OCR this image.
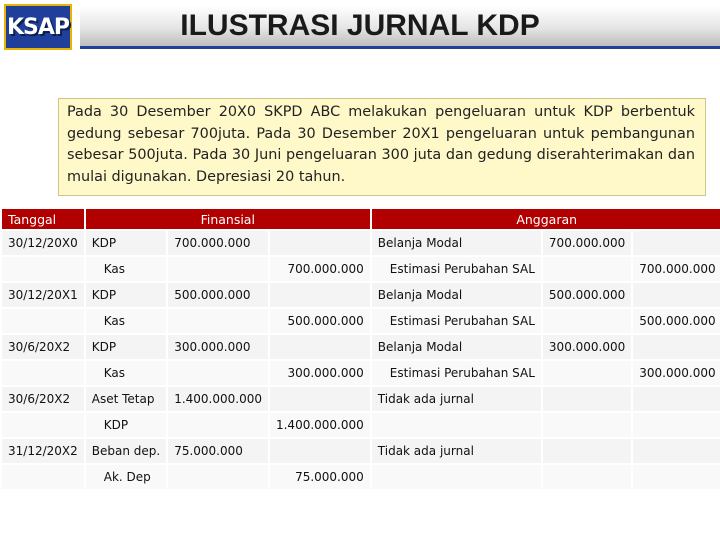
KSAP	ILUSTRASI JURNAL KDP
Pada 30 Desember 20X0 SKPD ABC melakukan pengeluaran untuk KDP berbentuk gedung sebesar 700juta. Pada 30 Desember 20X1 pengeluaran untuk pembangunan sebesar 500juta. Pada 30 Juni pengeluaran 300 juta dan gedung diserahterimakan dan mulai digunakan. Depresiasi 20 tahun.
Tanggal	Finansial			Anggaran		
30/12/20X0	KDP	700.000.000		Belanja Modal	700.000.000	
	Kas		700.000.000	Estimasi Perubahan SAL		700.000.000
30/12/20X1	KDP	500.000.000		Belanja Modal	500.000.000	
	Kas		500.000.000	Estimasi Perubahan SAL		500.000.000
30/6/20X2	KDP	300.000.000		Belanja Modal	300.000.000	
	Kas		300.000.000	Estimasi Perubahan SAL		300.000.000
30/6/20X2	Aset Tetap	1.400.000.000		Tidak ada jurnal		
	KDP		1.400.000.000			
31/12/20X2	Beban dep.	75.000.000		Tidak ada jurnal		
	Ak. Dep		75.000.000			
